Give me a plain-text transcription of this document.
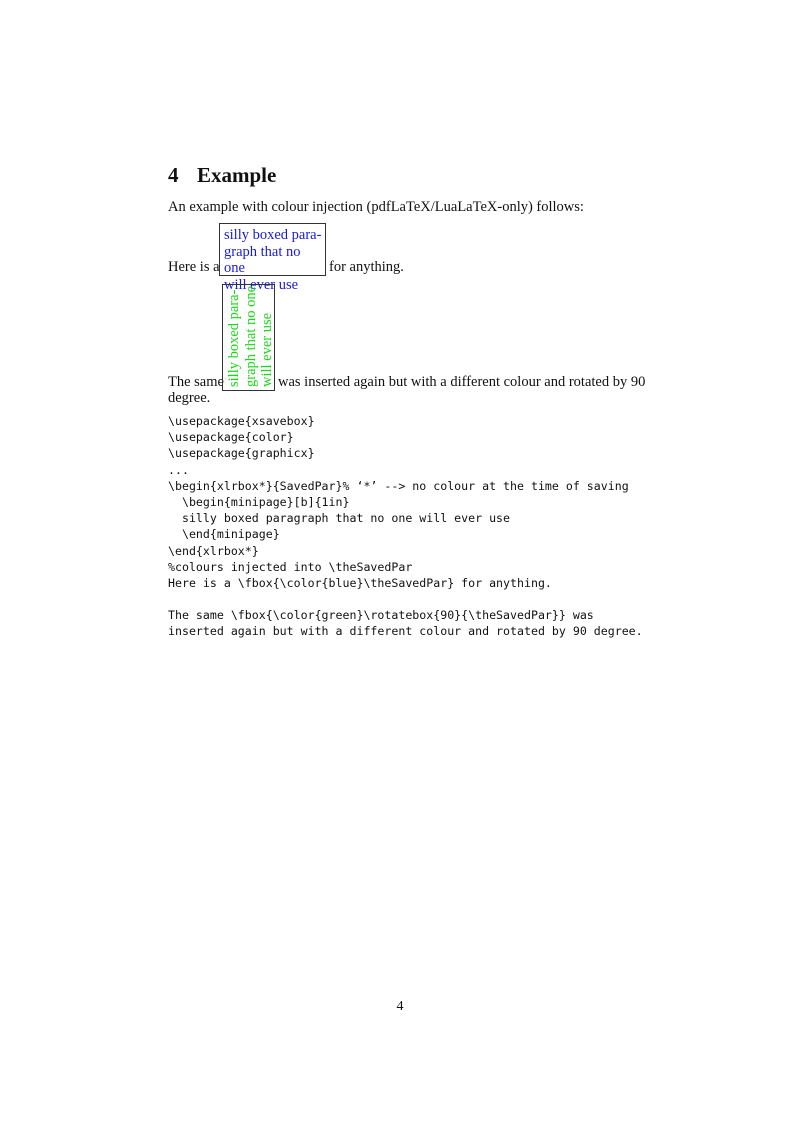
4 Example

An example with colour injection (pdfLaTeX/LuaLaTeX-only) follows:

Here is a
silly boxed para-
graph that no one
will ever use
for anything.
The same silly boxed para- graph that no one will ever use was inserted again but with a different colour and rotated by 90
degree.
\usepackage{xsavebox}
\usepackage{color}
\usepackage{graphicx}
...
\begin{xlrbox*}{SavedPar}% ‘*’ --> no colour at the time of saving
\begin{minipage}[b]{1in}
silly boxed paragraph that no one will ever use
\end{minipage}
\end{xlrbox*}
%colours injected into \theSavedPar
Here is a \fbox{\color{blue}\theSavedPar} for anything.
The same \fbox{\color{green}\rotatebox{90}{\theSavedPar}} was
inserted again but with a different colour and rotated by 90 degree.
4
